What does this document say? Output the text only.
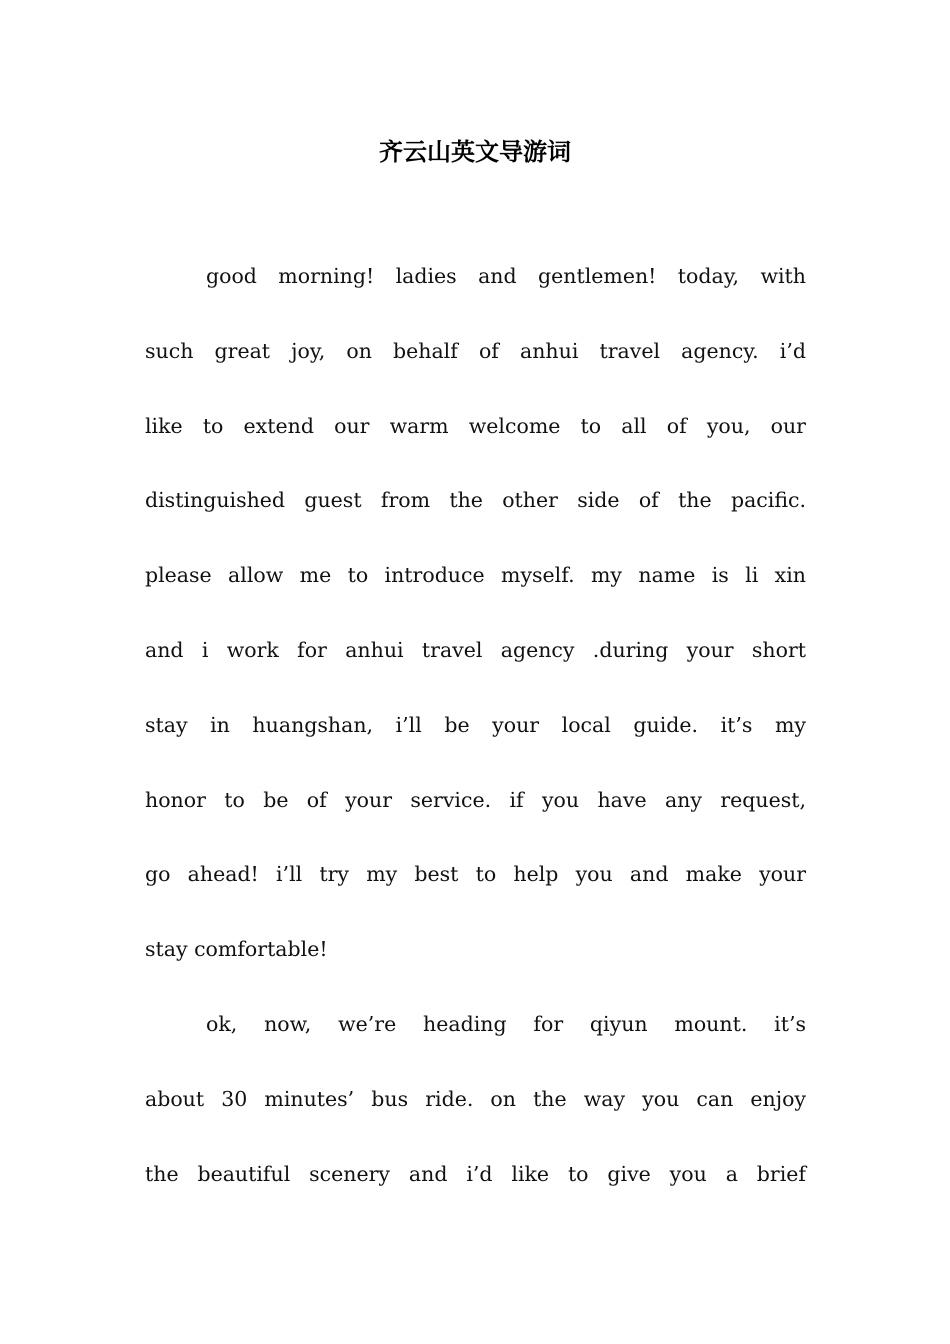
齐云山英文导游词
good morning! ladies and gentlemen! today, with
such great joy, on behalf of anhui travel agency. i’d
like to extend our warm welcome to all of you, our
distinguished guest from the other side of the pacific.
please allow me to introduce myself. my name is li xin
and i work for anhui travel agency .during your short
stay in huangshan, i’ll be your local guide. it’s my
honor to be of your service. if you have any request,
go ahead! i’ll try my best to help you and make your
stay comfortable!
ok, now, we’re heading for qiyun mount. it’s
about 30 minutes’ bus ride. on the way you can enjoy
the beautiful scenery and i’d like to give you a brief
